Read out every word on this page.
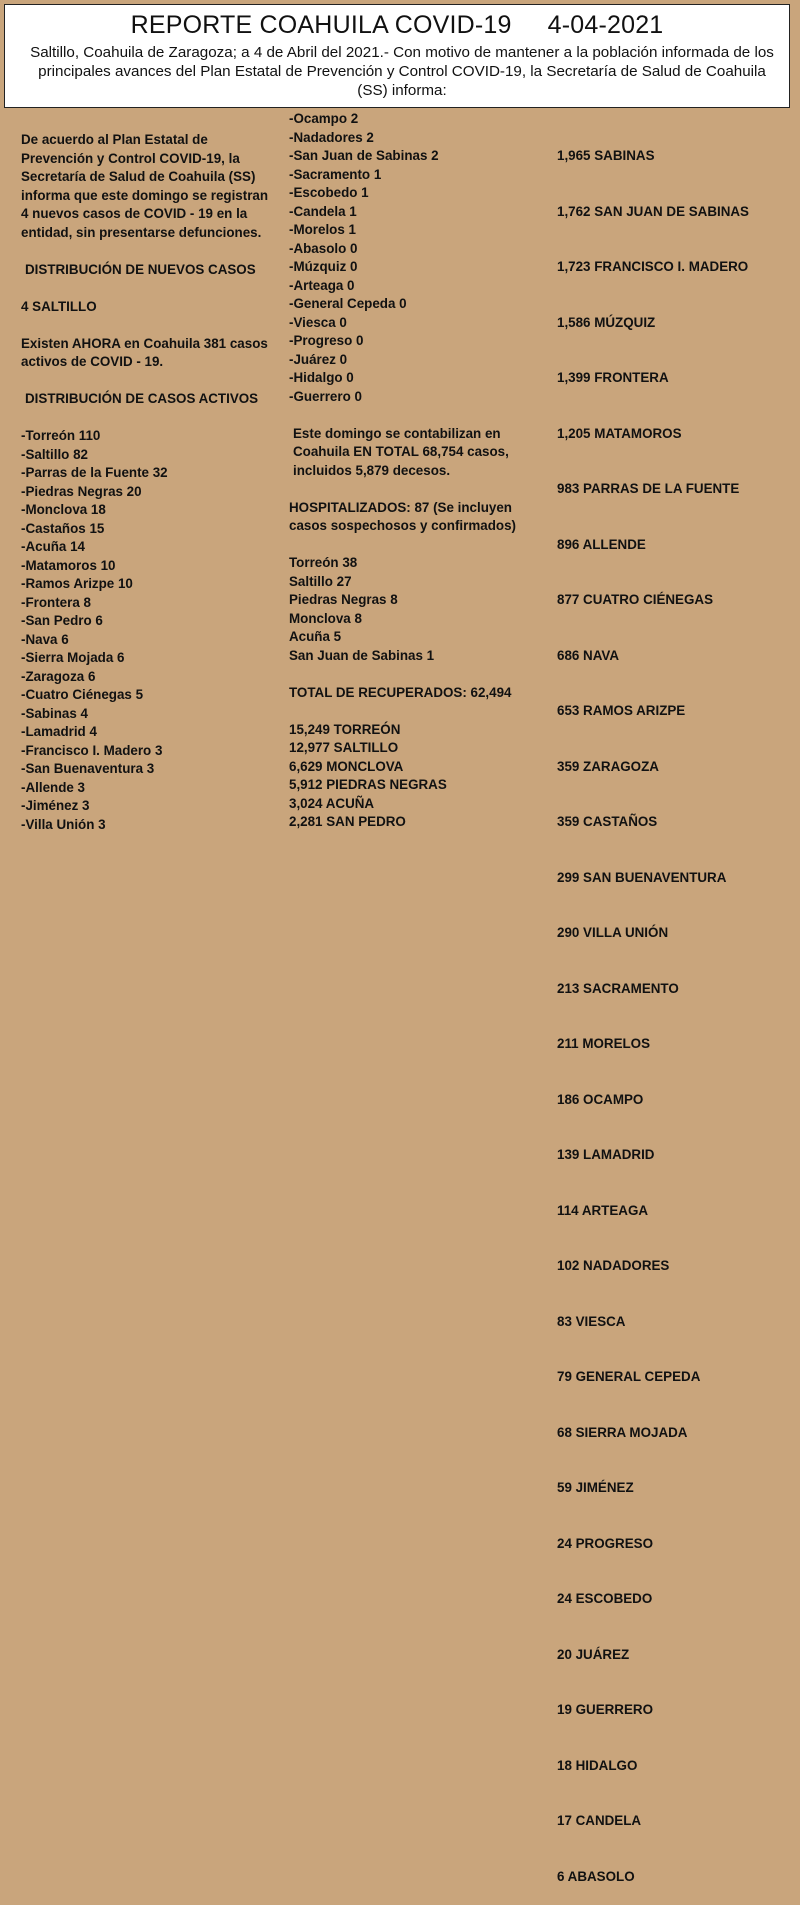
REPORTE COAHUILA COVID-19 4-04-2021
Saltillo, Coahuila de Zaragoza; a 4 de Abril del 2021.- Con motivo de mantener a la población informada de los principales avances del Plan Estatal de Prevención y Control COVID-19, la Secretaría de Salud de Coahuila (SS) informa:

De acuerdo al Plan Estatal de Prevención y Control COVID-19, la Secretaría de Salud de Coahuila (SS) informa que este domingo se registran 4 nuevos casos de COVID - 19 en la entidad, sin presentarse defunciones.

DISTRIBUCIÓN DE NUEVOS CASOS

4 SALTILLO

Existen AHORA en Coahuila 381 casos activos de COVID - 19.

DISTRIBUCIÓN DE CASOS ACTIVOS

-Torreón 110
-Saltillo 82
-Parras de la Fuente 32
-Piedras Negras 20
-Monclova 18
-Castaños 15
-Acuña 14
-Matamoros 10
-Ramos Arizpe 10
-Frontera 8
-San Pedro 6
-Nava 6
-Sierra Mojada 6
-Zaragoza 6
-Cuatro Ciénegas 5
-Sabinas 4
-Lamadrid 4
-Francisco I. Madero 3
-San Buenaventura 3
-Allende 3
-Jiménez 3
-Villa Unión 3
-Ocampo 2
-Nadadores 2
-San Juan de Sabinas 2
-Sacramento 1
-Escobedo 1
-Candela 1
-Morelos 1
-Abasolo 0
-Múzquiz 0
-Arteaga 0
-General Cepeda 0
-Viesca 0
-Progreso 0
-Juárez 0
-Hidalgo 0
-Guerrero 0

Este domingo se contabilizan en Coahuila EN TOTAL 68,754 casos, incluidos 5,879 decesos.

HOSPITALIZADOS: 87 (Se incluyen casos sospechosos y confirmados)

Torreón 38
Saltillo 27
Piedras Negras 8
Monclova 8
Acuña 5
San Juan de Sabinas 1

TOTAL DE RECUPERADOS: 62,494

15,249 TORREÓN
12,977 SALTILLO
6,629 MONCLOVA
5,912 PIEDRAS NEGRAS
3,024 ACUÑA
2,281 SAN PEDRO

1,965 SABINAS

1,762 SAN JUAN DE SABINAS

1,723 FRANCISCO I. MADERO

1,586 MÚZQUIZ

1,399 FRONTERA

1,205 MATAMOROS

983 PARRAS DE LA FUENTE

896 ALLENDE

877 CUATRO CIÉNEGAS

686 NAVA

653 RAMOS ARIZPE

359 ZARAGOZA

359 CASTAÑOS

299 SAN BUENAVENTURA

290 VILLA UNIÓN

213 SACRAMENTO

211 MORELOS

186 OCAMPO

139 LAMADRID

114 ARTEAGA

102 NADADORES

83 VIESCA

79 GENERAL CEPEDA

68 SIERRA MOJADA

59 JIMÉNEZ

24 PROGRESO

24 ESCOBEDO

20 JUÁREZ

19 GUERRERO

18 HIDALGO

17 CANDELA

6 ABASOLO
